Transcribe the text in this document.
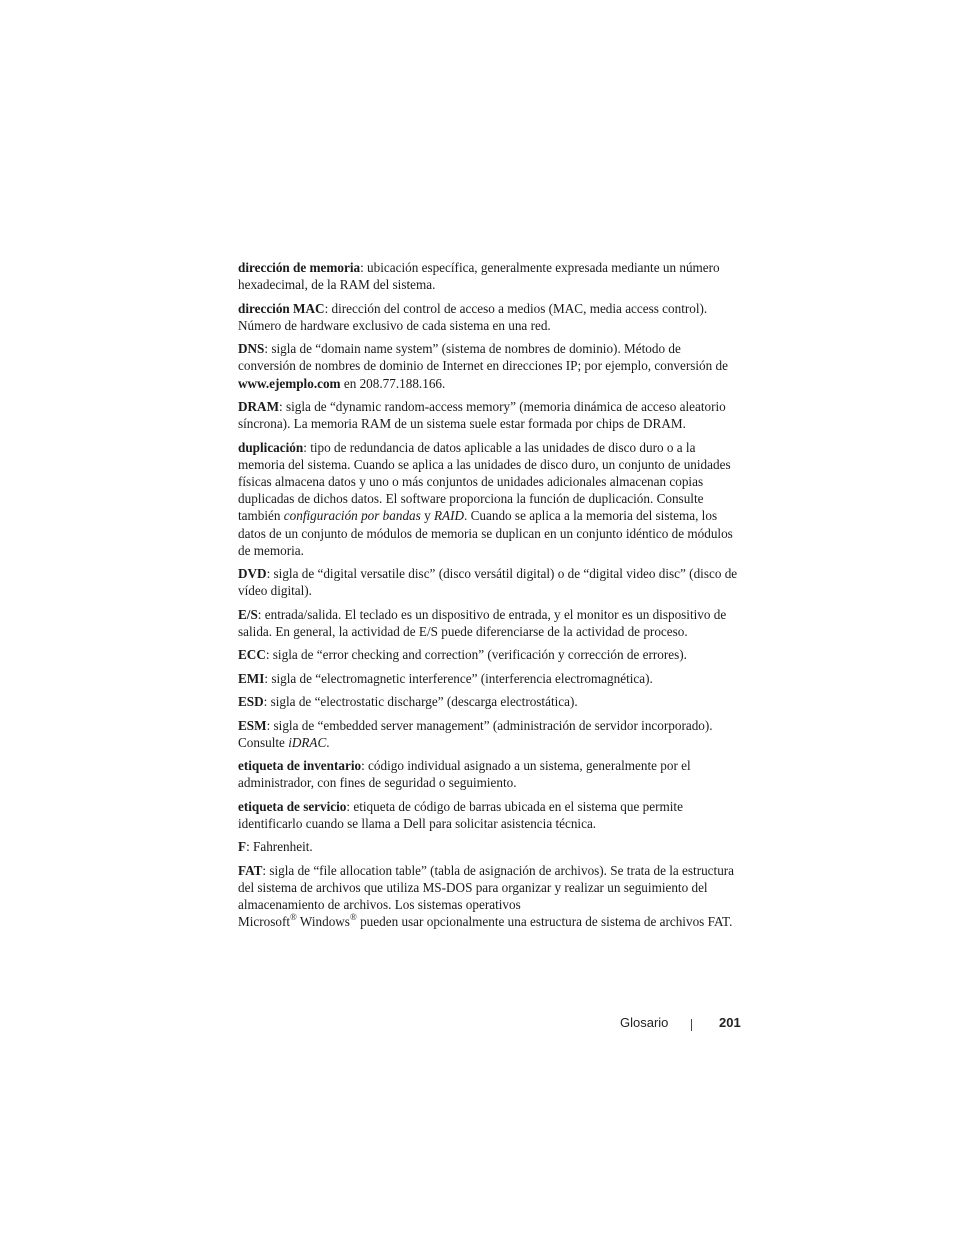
dirección de memoria: ubicación específica, generalmente expresada mediante un número hexadecimal, de la RAM del sistema.

dirección MAC: dirección del control de acceso a medios (MAC, media access control). Número de hardware exclusivo de cada sistema en una red.

DNS: sigla de “domain name system” (sistema de nombres de dominio). Método de conversión de nombres de dominio de Internet en direcciones IP; por ejemplo, conversión de www.ejemplo.com en 208.77.188.166.

DRAM: sigla de “dynamic random-access memory” (memoria dinámica de acceso aleatorio síncrona). La memoria RAM de un sistema suele estar formada por chips de DRAM.

duplicación: tipo de redundancia de datos aplicable a las unidades de disco duro o a la memoria del sistema. Cuando se aplica a las unidades de disco duro, un conjunto de unidades físicas almacena datos y uno o más conjuntos de unidades adicionales almacenan copias duplicadas de dichos datos. El software proporciona la función de duplicación. Consulte también configuración por bandas y RAID. Cuando se aplica a la memoria del sistema, los datos de un conjunto de módulos de memoria se duplican en un conjunto idéntico de módulos de memoria.

DVD: sigla de “digital versatile disc” (disco versátil digital) o de “digital video disc” (disco de vídeo digital).

E/S: entrada/salida. El teclado es un dispositivo de entrada, y el monitor es un dispositivo de salida. En general, la actividad de E/S puede diferenciarse de la actividad de proceso.

ECC: sigla de “error checking and correction” (verificación y corrección de errores).

EMI: sigla de “electromagnetic interference” (interferencia electromagnética).

ESD: sigla de “electrostatic discharge” (descarga electrostática).

ESM: sigla de “embedded server management” (administración de servidor incorporado). Consulte iDRAC.

etiqueta de inventario: código individual asignado a un sistema, generalmente por el administrador, con fines de seguridad o seguimiento.

etiqueta de servicio: etiqueta de código de barras ubicada en el sistema que permite identificarlo cuando se llama a Dell para solicitar asistencia técnica.

F: Fahrenheit.

FAT: sigla de “file allocation table” (tabla de asignación de archivos). Se trata de la estructura del sistema de archivos que utiliza MS-DOS para organizar y realizar un seguimiento del almacenamiento de archivos. Los sistemas operativos
Microsoft® Windows® pueden usar opcionalmente una estructura de sistema de archivos FAT.

Glosario	201
